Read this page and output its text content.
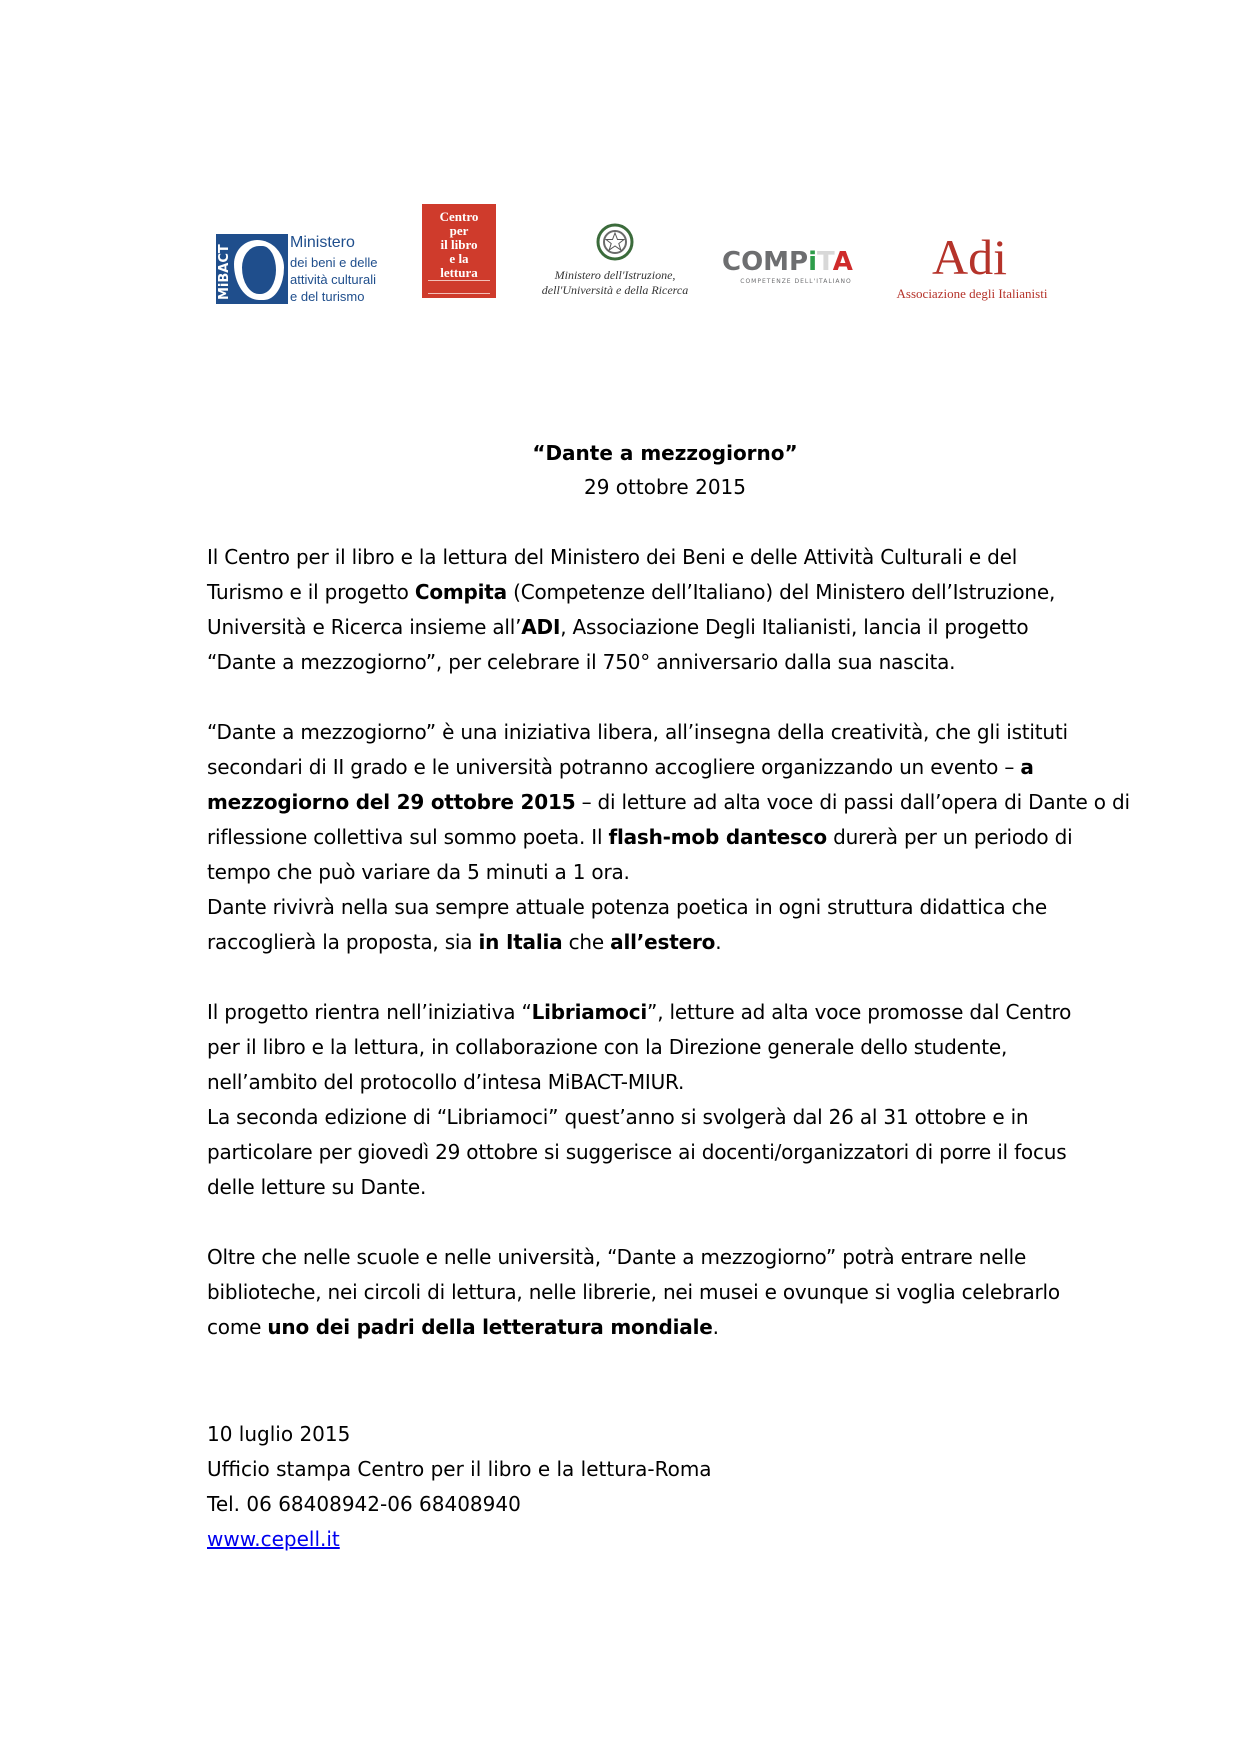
MiBACT
Ministero
dei beni e delle
attività culturali
e del turismo
Centro
per
il libro
e la
lettura	Ministero dell'Istruzione,
dell'Università e della Ricerca
COMPiTA
COMPETENZE DELL'ITALIANO	Adi
Associazione degli Italianisti
“Dante a mezzogiorno”
29 ottobre 2015

Il Centro per il libro e la lettura del Ministero dei Beni e delle Attività Culturali e del
Turismo e il progetto Compita (Competenze dell’Italiano) del Ministero dell’Istruzione,
Università e Ricerca insieme all’ADI, Associazione Degli Italianisti, lancia il progetto
“Dante a mezzogiorno”, per celebrare il 750° anniversario dalla sua nascita.

“Dante a mezzogiorno” è una iniziativa libera, all’insegna della creatività, che gli istituti
secondari di II grado e le università potranno accogliere organizzando un evento – a
mezzogiorno del 29 ottobre 2015 – di letture ad alta voce di passi dall’opera di Dante o di
riflessione collettiva sul sommo poeta. Il flash-mob dantesco durerà per un periodo di
tempo che può variare da 5 minuti a 1 ora.
Dante rivivrà nella sua sempre attuale potenza poetica in ogni struttura didattica che
raccoglierà la proposta, sia in Italia che all’estero.

Il progetto rientra nell’iniziativa “Libriamoci”, letture ad alta voce promosse dal Centro
per il libro e la lettura, in collaborazione con la Direzione generale dello studente,
nell’ambito del protocollo d’intesa MiBACT-MIUR.
La seconda edizione di “Libriamoci” quest’anno si svolgerà dal 26 al 31 ottobre e in
particolare per giovedì 29 ottobre si suggerisce ai docenti/organizzatori di porre il focus
delle letture su Dante.

Oltre che nelle scuole e nelle università, “Dante a mezzogiorno” potrà entrare nelle
biblioteche, nei circoli di lettura, nelle librerie, nei musei e ovunque si voglia celebrarlo
come uno dei padri della letteratura mondiale.

10 luglio 2015
Ufficio stampa Centro per il libro e la lettura-Roma
Tel. 06 68408942-06 68408940
www.cepell.it
